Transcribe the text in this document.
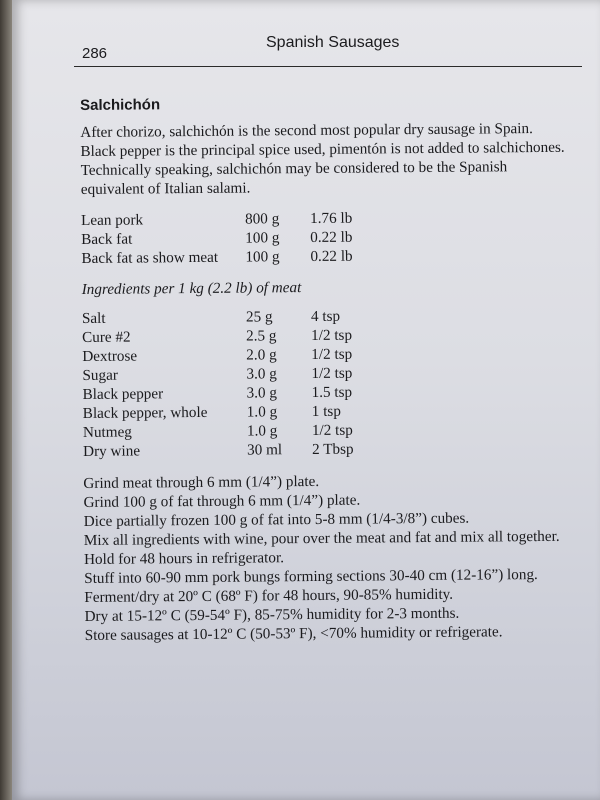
286
Spanish Sausages
Salchichón
After chorizo, salchichón is the second most popular dry sausage in Spain.
Black pepper is the principal spice used, pimentón is not added to salchichones.
Technically speaking, salchichón may be considered to be the Spanish
equivalent of Italian salami.
Lean pork	800 g	1.76 lb
Back fat	100 g	0.22 lb
Back fat as show meat	100 g	0.22 lb
Ingredients per 1 kg (2.2 lb) of meat
Salt	25 g	4 tsp
Cure #2	2.5 g	1/2 tsp
Dextrose	2.0 g	1/2 tsp
Sugar	3.0 g	1/2 tsp
Black pepper	3.0 g	1.5 tsp
Black pepper, whole	1.0 g	1 tsp
Nutmeg	1.0 g	1/2 tsp
Dry wine	30 ml	2 Tbsp
Grind meat through 6 mm (1/4”) plate.
Grind 100 g of fat through 6 mm (1/4”) plate.
Dice partially frozen 100 g of fat into 5-8 mm (1/4-3/8”) cubes.
Mix all ingredients with wine, pour over the meat and fat and mix all together.
Hold for 48 hours in refrigerator.
Stuff into 60-90 mm pork bungs forming sections 30-40 cm (12-16”) long.
Ferment/dry at 20º C (68º F) for 48 hours, 90-85% humidity.
Dry at 15-12º C (59-54º F), 85-75% humidity for 2-3 months.
Store sausages at 10-12º C (50-53º F), <70% humidity or refrigerate.
